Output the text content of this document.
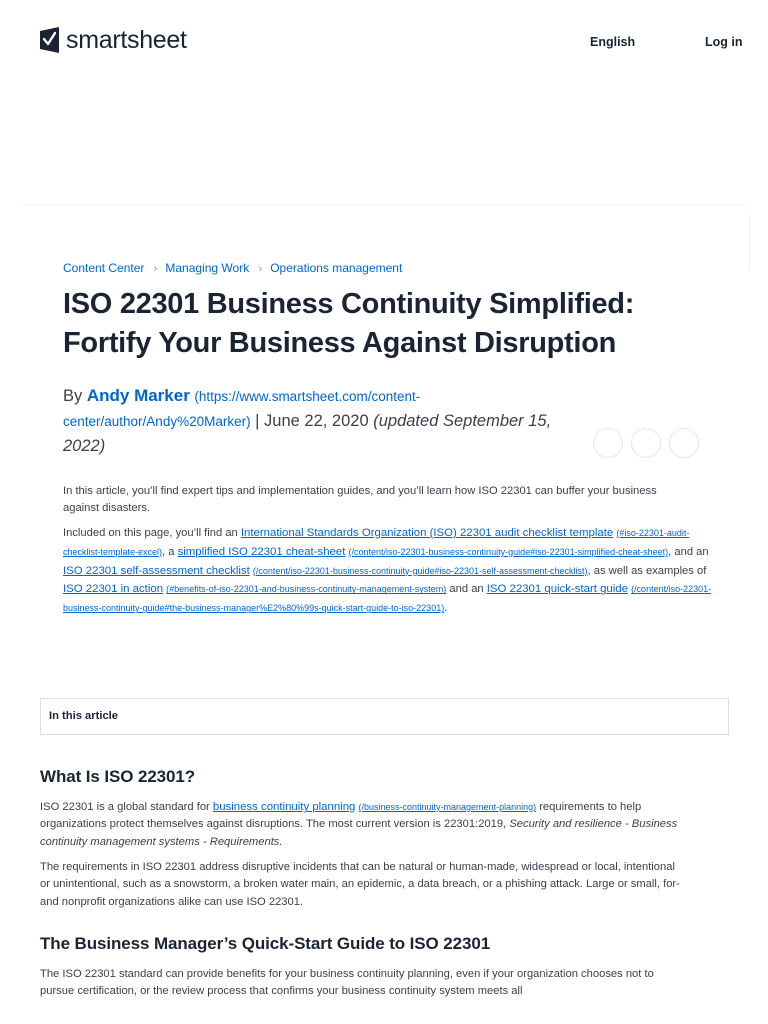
smartsheet	English	Log in
Content Center › Managing Work › Operations management
ISO 22301 Business Continuity Simplified: Fortify Your Business Against Disruption
By Andy Marker (https://www.smartsheet.com/content-center/author/Andy%20Marker) | June 22, 2020 (updated September 15, 2022)

In this article, you’ll find expert tips and implementation guides, and you’ll learn how ISO 22301 can buffer your business against disasters.

Included on this page, you’ll find an International Standards Organization (ISO) 22301 audit checklist template (#iso-22301-audit-checklist-template-excel), a simplified ISO 22301 cheat-sheet (/content/iso-22301-business-continuity-guide#iso-22301-simplified-cheat-sheet), and an ISO 22301 self-assessment checklist (/content/iso-22301-business-continuity-guide#iso-22301-self-assessment-checklist), as well as examples of ISO 22301 in action (#benefits-of-iso-22301-and-business-continuity-management-system) and an ISO 22301 quick-start guide (/content/iso-22301-business-continuity-guide#the-business-manager%E2%80%99s-quick-start-guide-to-iso-22301).

In this article
What Is ISO 22301?

ISO 22301 is a global standard for business continuity planning (/business-continuity-management-planning) requirements to help organizations protect themselves against disruptions. The most current version is 22301:2019, Security and resilience - Business continuity management systems - Requirements.

The requirements in ISO 22301 address disruptive incidents that can be natural or human-made, widespread or local, intentional or unintentional, such as a snowstorm, a broken water main, an epidemic, a data breach, or a phishing attack. Large or small, for- and nonprofit organizations alike can use ISO 22301.

The Business Manager’s Quick-Start Guide to ISO 22301

The ISO 22301 standard can provide benefits for your business continuity planning, even if your organization chooses not to pursue certification, or the review process that confirms your business continuity system meets all
